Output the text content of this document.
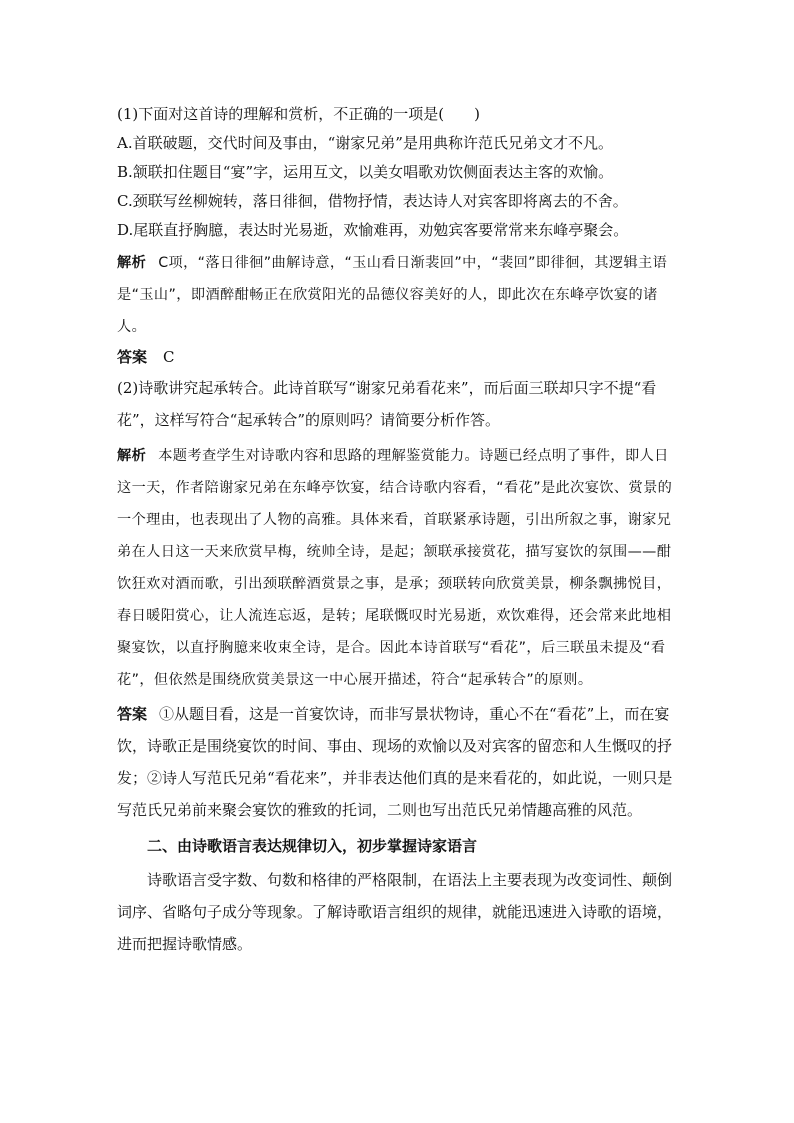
(1)下面对这首诗的理解和赏析，不正确的一项是(　　)

A.首联破题，交代时间及事由，“谢家兄弟”是用典称许范氏兄弟文才不凡。

B.颔联扣住题目“宴”字，运用互文，以美女唱歌劝饮侧面表达主客的欢愉。

C.颈联写丝柳婉转，落日徘徊，借物抒情，表达诗人对宾客即将离去的不舍。

D.尾联直抒胸臆，表达时光易逝，欢愉难再，劝勉宾客要常常来东峰亭聚会。

解析 C项，“落日徘徊”曲解诗意，“玉山看日渐裴回”中，“裴回”即徘徊，其逻辑主语是“玉山”，即酒醉酣畅正在欣赏阳光的品德仪容美好的人，即此次在东峰亭饮宴的诸人。

答案 C

(2)诗歌讲究起承转合。此诗首联写“谢家兄弟看花来”，而后面三联却只字不提“看花”，这样写符合“起承转合”的原则吗？请简要分析作答。

解析 本题考查学生对诗歌内容和思路的理解鉴赏能力。诗题已经点明了事件，即人日这一天，作者陪谢家兄弟在东峰亭饮宴，结合诗歌内容看，“看花”是此次宴饮、赏景的一个理由，也表现出了人物的高雅。具体来看，首联紧承诗题，引出所叙之事，谢家兄弟在人日这一天来欣赏早梅，统帅全诗，是起；颔联承接赏花，描写宴饮的氛围——酣饮狂欢对酒而歌，引出颈联醉酒赏景之事，是承；颈联转向欣赏美景，柳条飘拂悦目，春日暖阳赏心，让人流连忘返，是转；尾联慨叹时光易逝，欢饮难得，还会常来此地相聚宴饮，以直抒胸臆来收束全诗，是合。因此本诗首联写“看花”，后三联虽未提及“看花”，但依然是围绕欣赏美景这一中心展开描述，符合“起承转合”的原则。

答案 ①从题目看，这是一首宴饮诗，而非写景状物诗，重心不在“看花”上，而在宴饮，诗歌正是围绕宴饮的时间、事由、现场的欢愉以及对宾客的留恋和人生慨叹的抒发；②诗人写范氏兄弟“看花来”，并非表达他们真的是来看花的，如此说，一则只是写范氏兄弟前来聚会宴饮的雅致的托词，二则也写出范氏兄弟情趣高雅的风范。

二、由诗歌语言表达规律切入，初步掌握诗家语言

诗歌语言受字数、句数和格律的严格限制，在语法上主要表现为改变词性、颠倒词序、省略句子成分等现象。了解诗歌语言组织的规律，就能迅速进入诗歌的语境，进而把握诗歌情感。
